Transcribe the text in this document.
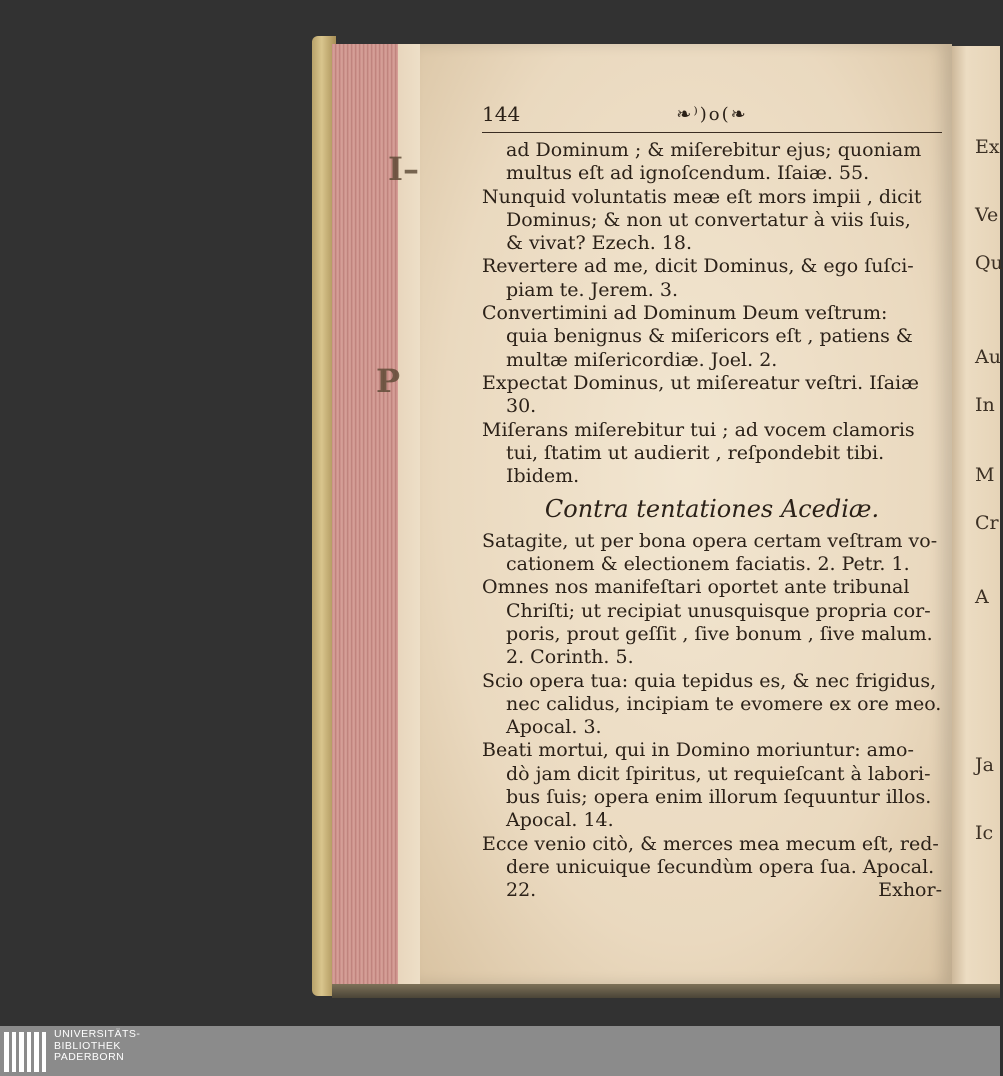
I–
P
144	❧⁾)o(❧
ad Dominum ; & miſerebitur ejus; quoniam
multus eſt ad ignoſcendum. Iſaiæ. 55.
Nunquid voluntatis meæ eſt mors impii , dicit
Dominus; & non ut convertatur à viis ſuis,
& vivat? Ezech. 18.
Revertere ad me, dicit Dominus, & ego ſuſci-
piam te. Jerem. 3.
Convertimini ad Dominum Deum veſtrum:
quia benignus & miſericors eſt , patiens &
multæ miſericordiæ. Joel. 2.
Expectat Dominus, ut miſereatur veſtri. Iſaiæ
30.
Miſerans miſerebitur tui ; ad vocem clamoris
tui, ſtatim ut audierit , reſpondebit tibi.
Ibidem.
Contra tentationes Acediæ.
Satagite, ut per bona opera certam veſtram vo-
cationem & electionem faciatis. 2. Petr. 1.
Omnes nos manifeſtari oportet ante tribunal
Chriſti; ut recipiat unusquisque propria cor-
poris, prout geſſit , ſive bonum , ſive malum.
2. Corinth. 5.
Scio opera tua: quia tepidus es, & nec frigidus,
nec calidus, incipiam te evomere ex ore meo.
Apocal. 3.
Beati mortui, qui in Domino moriuntur: amo-
dò jam dicit ſpiritus, ut requieſcant à labori-
bus ſuis; opera enim illorum ſequuntur illos.
Apocal. 14.
Ecce venio citò, & merces mea mecum eſt, red-
dere unicuique ſecundùm opera ſua. Apocal.
22.	Exhor-
Ex
Ve
Qu
Au
In
M
Cr
A
Ja
Ic
UNIVERSITÄTS-
BIBLIOTHEK
PADERBORN
